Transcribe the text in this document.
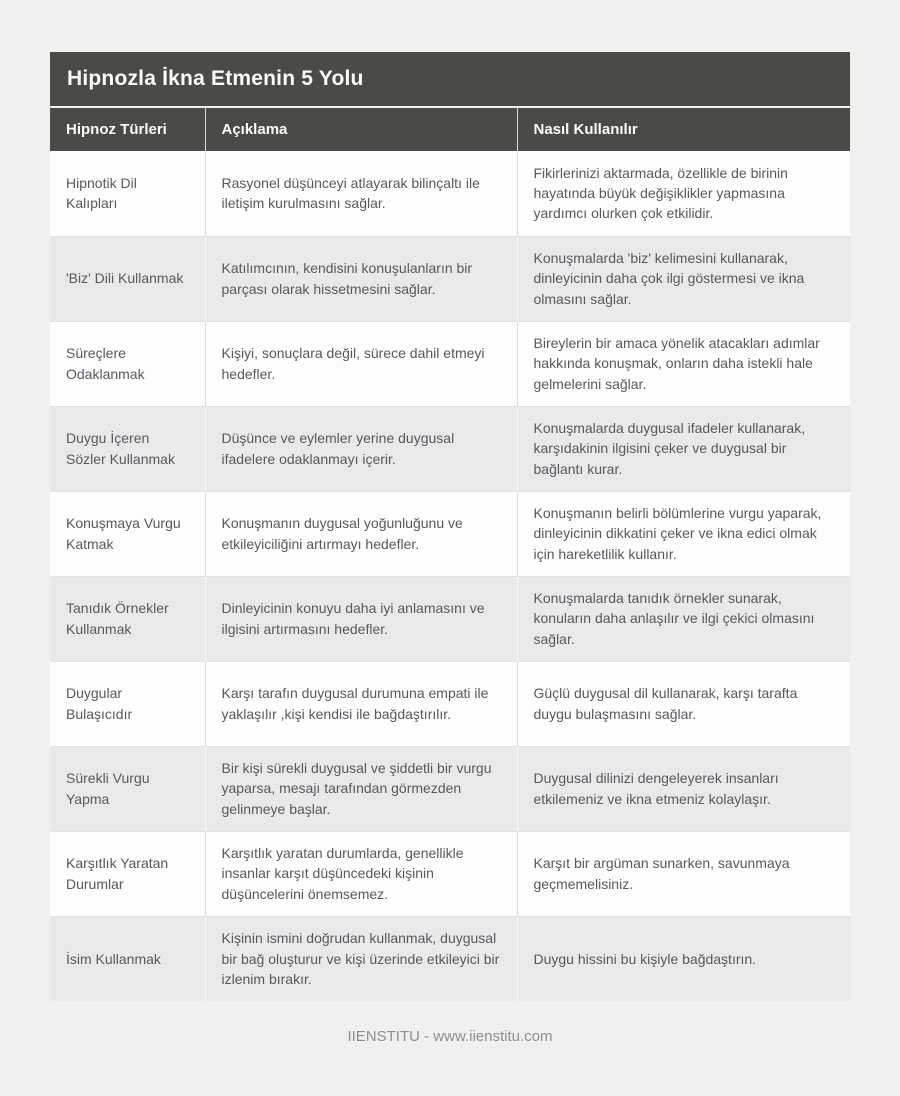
Hipnozla İkna Etmenin 5 Yolu
Hipnoz Türleri	Açıklama	Nasıl Kullanılır
Hipnotik Dil Kalıpları	Rasyonel düşünceyi atlayarak bilinçaltı ile iletişim kurulmasını sağlar.	Fikirlerinizi aktarmada, özellikle de birinin hayatında büyük değişiklikler yapmasına yardımcı olurken çok etkilidir.
'Biz' Dili Kullanmak	Katılımcının, kendisini konuşulanların bir parçası olarak hissetmesini sağlar.	Konuşmalarda 'biz' kelimesini kullanarak, dinleyicinin daha çok ilgi göstermesi ve ikna olmasını sağlar.
Süreçlere Odaklanmak	Kişiyi, sonuçlara değil, sürece dahil etmeyi hedefler.	Bireylerin bir amaca yönelik atacakları adımlar hakkında konuşmak, onların daha istekli hale gelmelerini sağlar.
Duygu İçeren Sözler Kullanmak	Düşünce ve eylemler yerine duygusal ifadelere odaklanmayı içerir.	Konuşmalarda duygusal ifadeler kullanarak, karşıdakinin ilgisini çeker ve duygusal bir bağlantı kurar.
Konuşmaya Vurgu Katmak	Konuşmanın duygusal yoğunluğunu ve etkileyiciliğini artırmayı hedefler.	Konuşmanın belirli bölümlerine vurgu yaparak, dinleyicinin dikkatini çeker ve ikna edici olmak için hareketlilik kullanır.
Tanıdık Örnekler Kullanmak	Dinleyicinin konuyu daha iyi anlamasını ve ilgisini artırmasını hedefler.	Konuşmalarda tanıdık örnekler sunarak, konuların daha anlaşılır ve ilgi çekici olmasını sağlar.
Duygular Bulaşıcıdır	Karşı tarafın duygusal durumuna empati ile yaklaşılır ,kişi kendisi ile bağdaştırılır.	Güçlü duygusal dil kullanarak, karşı tarafta duygu bulaşmasını sağlar.
Sürekli Vurgu Yapma	Bir kişi sürekli duygusal ve şiddetli bir vurgu yaparsa, mesajı tarafından görmezden gelinmeye başlar.	Duygusal dilinizi dengeleyerek insanları etkilemeniz ve ikna etmeniz kolaylaşır.
Karşıtlık Yaratan Durumlar	Karşıtlık yaratan durumlarda, genellikle insanlar karşıt düşüncedeki kişinin düşüncelerini önemsemez.	Karşıt bir argüman sunarken, savunmaya geçmemelisiniz.
İsim Kullanmak	Kişinin ismini doğrudan kullanmak, duygusal bir bağ oluşturur ve kişi üzerinde etkileyici bir izlenim bırakır.	Duygu hissini bu kişiyle bağdaştırın.
IIENSTITU - www.iienstitu.com
